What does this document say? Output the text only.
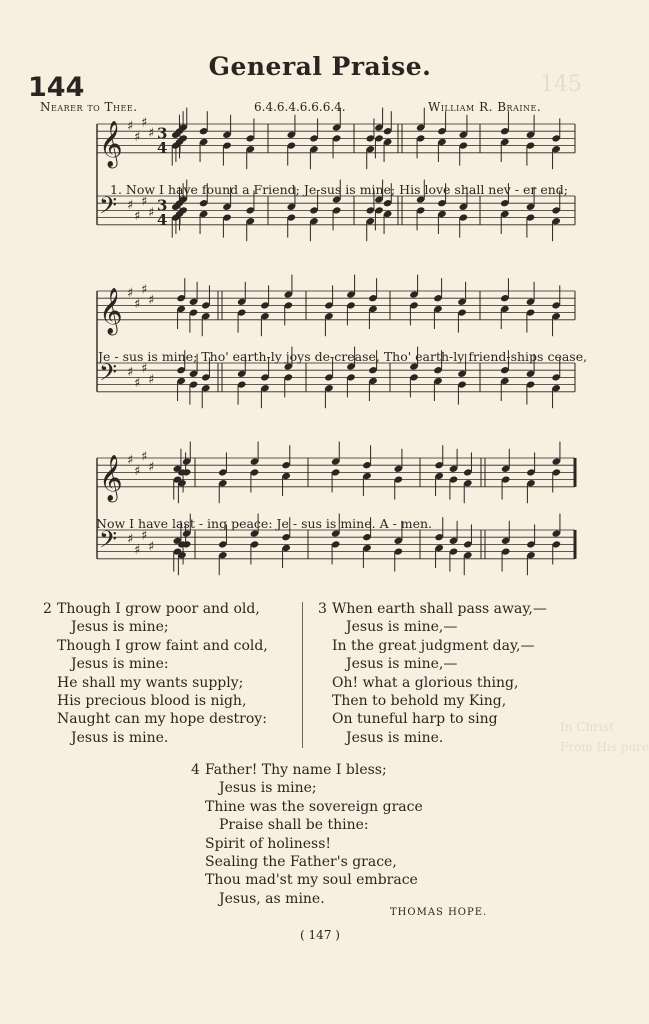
145
In Christ
From His pure
General Praise.
144
Nearer to Thee.	6.4.6.4.6.6.6.4.	William R. Braine.
𝄞 ♯
♯
♯
♯ 3
4
𝄢 ♯
♯
♯
♯ 3
4
𝄞 ♯
♯
♯
♯
𝄢 ♯
♯
♯
♯
𝄞 ♯
♯
♯
♯
𝄢 ♯
♯
♯
♯
1. Now I have found a Friend; Je-sus is mine; His love shall nev - er end;
Je - sus is mine; Tho' earth-ly joys de-crease, Tho' earth-ly friend-ships cease,
Now I have last - ing peace: Je - sus is mine. A - men.
2 Though I grow poor and old,
Jesus is mine;
Though I grow faint and cold,
Jesus is mine:
He shall my wants supply;
His precious blood is nigh,
Naught can my hope destroy:
Jesus is mine.
3 When earth shall pass away,—
Jesus is mine,—
In the great judgment day,—
Jesus is mine,—
Oh! what a glorious thing,
Then to behold my King,
On tuneful harp to sing
Jesus is mine.
4 Father! Thy name I bless;
Jesus is mine;
Thine was the sovereign grace
Praise shall be thine:
Spirit of holiness!
Sealing the Father's grace,
Thou mad'st my soul embrace
Jesus, as mine.
THOMAS HOPE.
( 147 )
